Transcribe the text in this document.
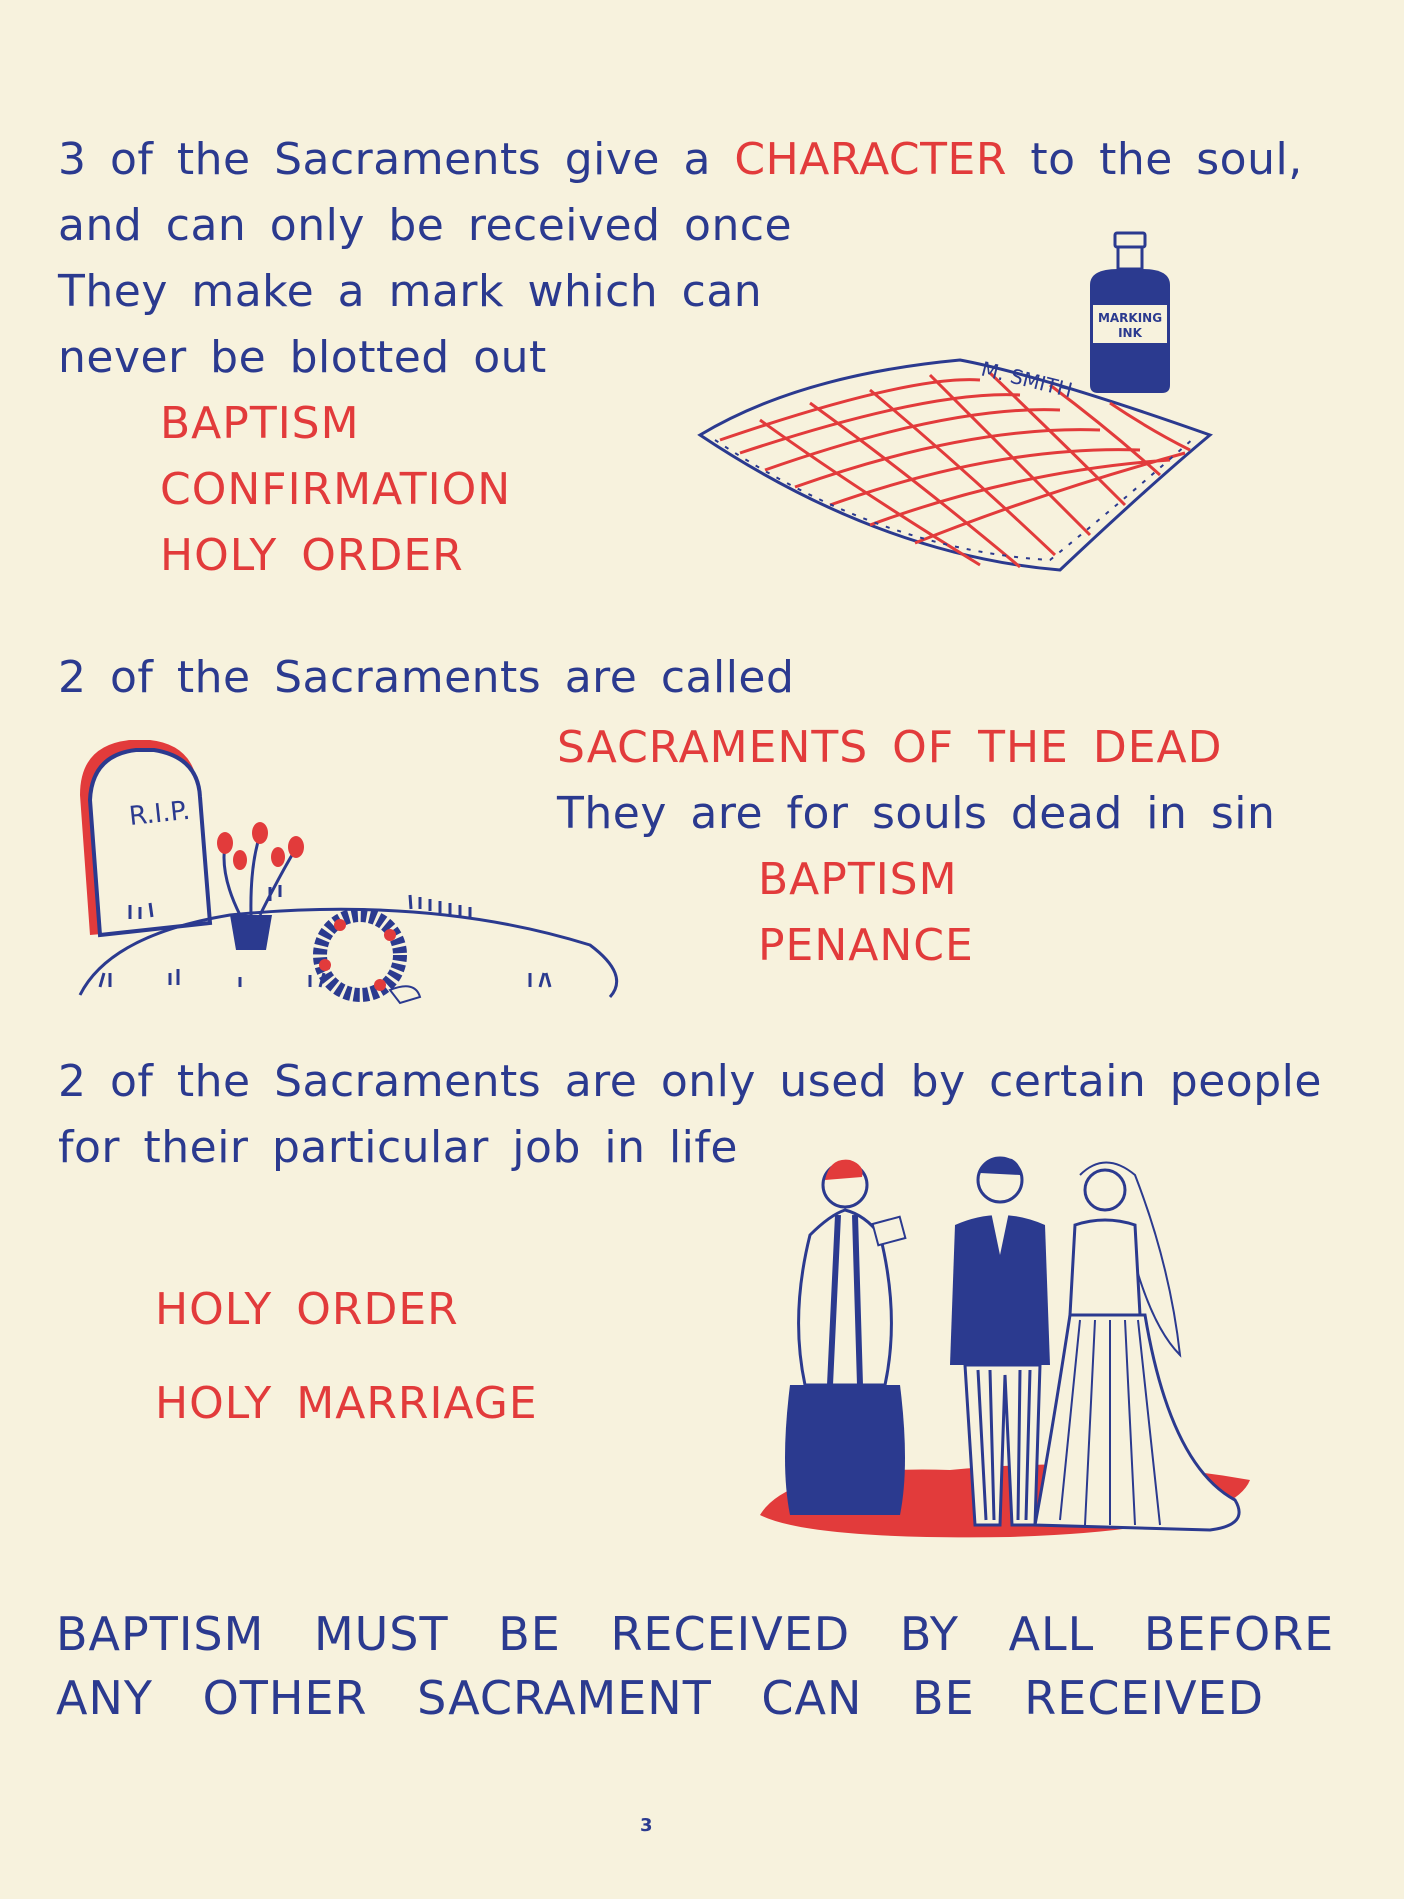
3 of the Sacraments give a CHARACTER to the soul,

and can only be received once

They make a mark which can

never be blotted out

BAPTISM

CONFIRMATION

HOLY ORDER

MARKING
INK
M. SMITH

2 of the Sacraments are called

SACRAMENTS OF THE DEAD

They are for souls dead in sin

BAPTISM

PENANCE

R.I.P.

2 of the Sacraments are only used by certain people

for their particular job in life

HOLY ORDER

HOLY MARRIAGE

BAPTISM MUST BE RECEIVED BY ALL BEFORE

ANY OTHER SACRAMENT CAN BE RECEIVED

3
